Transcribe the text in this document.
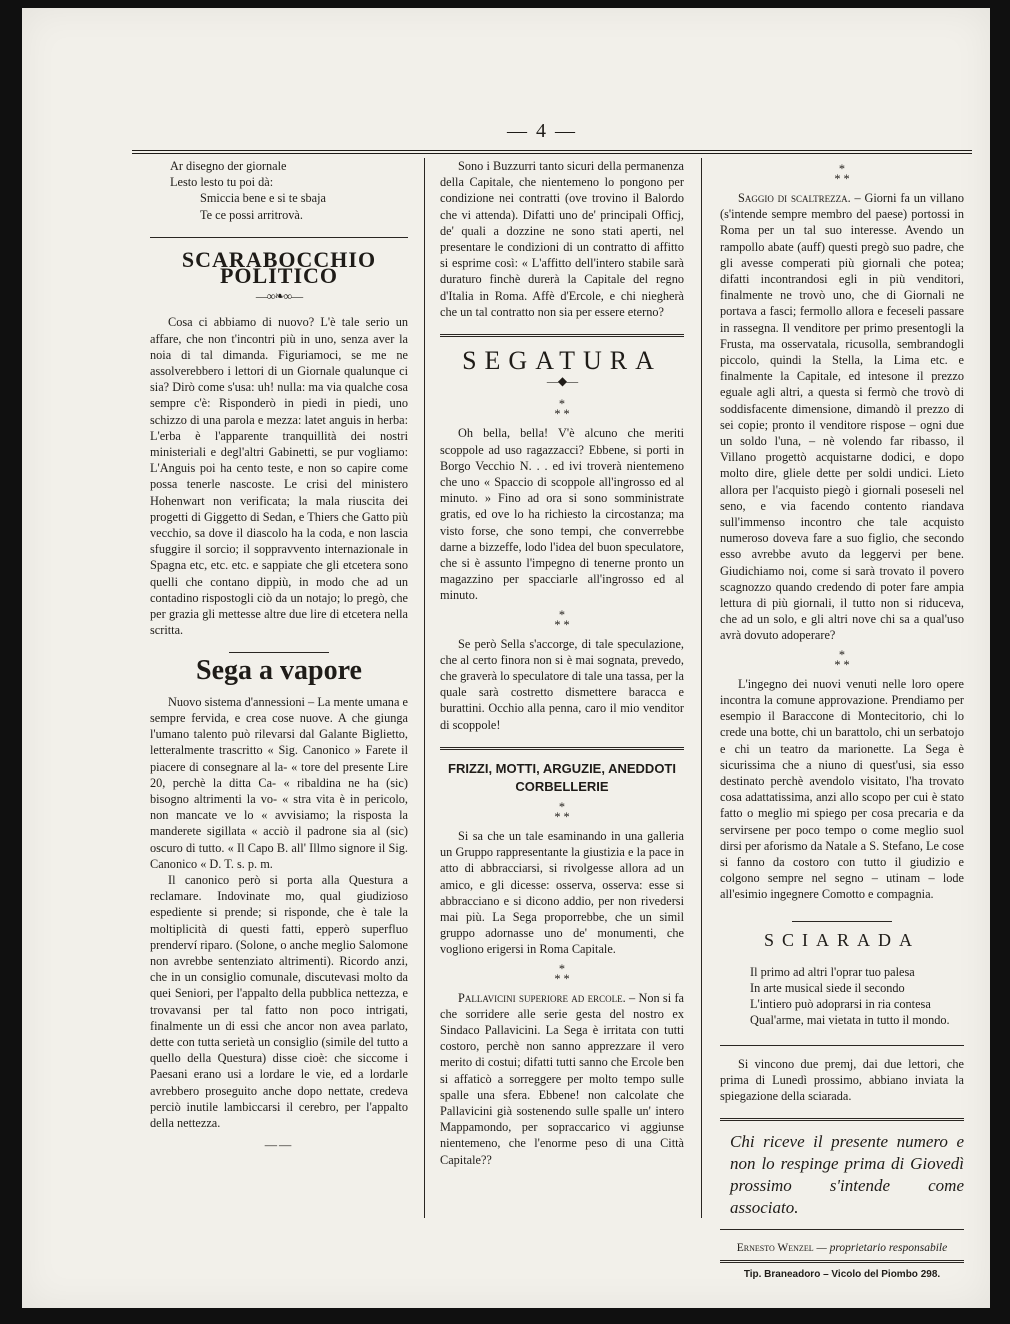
— 4 —
Ar disegno der giornale
Lesto lesto tu poi dà:
Smiccia bene e si te sbaja
Te ce possi arritrovà.
SCARABOCCHIO POLITICO
—∞❧∞—

Cosa ci abbiamo di nuovo? L'è tale serio un affare, che non t'incontri più in uno, senza aver la noia di tal dimanda. Figuriamoci, se me ne assolverebbero i lettori di un Giornale qualunque ci sia? Dirò come s'usa: uh! nulla: ma via qualche cosa sempre c'è: Risponderò in piedi in piedi, uno schizzo di una parola e mezza: latet anguis in herba: L'erba è l'apparente tranquillità dei nostri ministeriali e degl'altri Gabinetti, se pur vogliamo: L'Anguis poi ha cento teste, e non so capire come possa tenerle nascoste. Le crisi del ministero Hohenwart non verificata; la mala riuscita dei progetti di Giggetto di Sedan, e Thiers che Gatto più vecchio, sa dove il diascolo ha la coda, e non lascia sfuggire il sorcio; il soppravvento internazionale in Spagna etc, etc. etc. e sappiate che gli etcetera sono quelli che contano dippiù, in modo che ad un contadino rispostogli ciò da un notajo; lo pregò, che per grazia gli mettesse altre due lire di etcetera nella scritta.

Sega a vapore

Nuovo sistema d'annessioni – La mente umana e sempre fervida, e crea cose nuove. A che giunga l'umano talento può rilevarsi dal Galante Biglietto, letteralmente trascritto « Sig. Canonico » Farete il piacere di consegnare al la- « tore del presente Lire 20, perchè la ditta Ca- « ribaldina ne ha (sic) bisogno altrimenti la vo- « stra vita è in pericolo, non mancate ve lo « avvisiamo; la risposta la manderete sigillata « acciò il padrone sia al (sic) oscuro di tutto. « Il Capo B. all' Illmo signore il Sig. Canonico « D. T. s. p. m.

Il canonico però si porta alla Questura a reclamare. Indovinate mo, qual giudizioso espediente si prende; si risponde, che è tale la moltiplicità di questi fatti, epperò superfluo prenderví riparo. (Solone, o anche meglio Salomone non avrebbe sentenziato altrimenti). Ricordo anzi, che in un consiglio comunale, discutevasi molto da quei Seniori, per l'appalto della pubblica nettezza, e trovavansi per tal fatto non poco intrigati, finalmente un di essi che ancor non avea parlato, dette con tutta serietà un consiglio (simile del tutto a quello della Questura) disse cioè: che siccome i Paesani erano usi a lordare le vie, ed a lordarle avrebbero proseguito anche dopo nettate, credeva perciò inutile lambiccarsi il cerebro, per l'appalto della nettezza.

——

Sono i Buzzurri tanto sicuri della permanenza della Capitale, che nientemeno lo pongono per condizione nei contratti (ove trovino il Balordo che vi attenda). Difatti uno de' principali Officj, de' quali a dozzine ne sono stati aperti, nel presentare le condizioni di un contratto di affitto si esprime così: « L'affitto dell'intero stabile sarà duraturo finchè durerà la Capitale del regno d'Italia in Roma. Affè d'Ercole, e chi niegherà che un tal contratto non sia per essere eterno?

SEGATURA
—◆—
*
* *

Oh bella, bella! V'è alcuno che meriti scoppole ad uso ragazzacci? Ebbene, si porti in Borgo Vecchio N. . . ed ivi troverà nientemeno che uno « Spaccio di scoppole all'ingrosso ed al minuto. » Fino ad ora si sono somministrate gratis, ed ove lo ha richiesto la circostanza; ma visto forse, che sono tempi, che converrebbe darne a bizzeffe, lodo l'idea del buon speculatore, che si è assunto l'impegno di tenerne pronto un magazzino per spacciarle all'ingrosso ed al minuto.

*
* *

Se però Sella s'accorge, di tale speculazione, che al certo finora non si è mai sognata, prevedo, che graverà lo speculatore di tale una tassa, per la quale sarà costretto dismettere baracca e burattini. Occhio alla penna, caro il mio venditor di scoppole!

FRIZZI, MOTTI, ARGUZIE, ANEDDOTI CORBELLERIE
*
* *

Si sa che un tale esaminando in una galleria un Gruppo rappresentante la giustizia e la pace in atto di abbracciarsi, si rivolgesse allora ad un amico, e gli dicesse: osserva, osserva: esse si abbracciano e si dicono addio, per non rivedersi mai più. La Sega proporrebbe, che un simil gruppo adornasse uno de' monumenti, che vogliono erigersi in Roma Capitale.

*
* *

Pallavicini superiore ad ercole. – Non si fa che sorridere alle serie gesta del nostro ex Sindaco Pallavicini. La Sega è irritata con tutti costoro, perchè non sanno apprezzare il vero merito di costui; difatti tutti sanno che Ercole ben si affaticò a sorreggere per molto tempo sulle spalle una sfera. Ebbene! non calcolate che Pallavicini già sostenendo sulle spalle un' intero Mappamondo, per sopraccarico vi aggiunse nientemeno, che l'enorme peso di una Città Capitale??

*
* *

Saggio di scaltrezza. – Giorni fa un villano (s'intende sempre membro del paese) portossi in Roma per un tal suo interesse. Avendo un rampollo abate (auff) questi pregò suo padre, che gli avesse comperati più giornali che potea; difatti incontrandosi egli in più venditori, finalmente ne trovò uno, che di Giornali ne portava a fasci; fermollo allora e feceseli passare in rassegna. Il venditore per primo presentogli la Frusta, ma osservatala, ricusolla, sembrandogli piccolo, quindi la Stella, la Lima etc. e finalmente la Capitale, ed intesone il prezzo eguale agli altri, a questa si fermò che trovò di soddisfacente dimensione, dimandò il prezzo di sei copie; pronto il venditore rispose – ogni due un soldo l'una, – nè volendo far ribasso, il Villano progettò acquistarne dodici, e dopo molto dire, gliele dette per soldi undici. Lieto allora per l'acquisto piegò i giornali poseseli nel seno, e via facendo contento riandava sull'immenso incontro che tale acquisto numeroso doveva fare a suo figlio, che secondo esso avrebbe avuto da leggervi per bene. Giudichiamo noi, come si sarà trovato il povero scagnozzo quando credendo di poter fare ampia lettura di più giornali, il tutto non si riduceva, che ad un solo, e gli altri nove chi sa a qual'uso avrà dovuto adoperare?

*
* *

L'ingegno dei nuovi venuti nelle loro opere incontra la comune approvazione. Prendiamo per esempio il Baraccone di Montecitorio, chi lo crede una botte, chi un barattolo, chi un serbatojo e chi un teatro da marionette. La Sega è sicurissima che a niuno di quest'usi, sia esso destinato perchè avendolo visitato, l'ha trovato cosa adattatissima, anzi allo scopo per cui è stato fatto o meglio mi spiego per cosa precaria e da servirsene per poco tempo o come meglio suol dirsi per aforismo da Natale a S. Stefano, Le cose si fanno da costoro con tutto il giudizio e colgono sempre nel segno – utinam – lode all'esimio ingegnere Comotto e compagnia.

SCIARADA
Il primo ad altri l'oprar tuo palesa
In arte musical siede il secondo
L'intiero può adoprarsi in ria contesa
Qual'arme, mai vietata in tutto il mondo.

Si vincono due premj, dai due lettori, che prima di Lunedì prossimo, abbiano inviata la spiegazione della sciarada.

Chi riceve il presente numero e non lo respinge prima di Giovedì prossimo s'intende come associato.
Ernesto Wenzel — proprietario responsabile
Tip. Braneadoro – Vicolo del Piombo 298.
